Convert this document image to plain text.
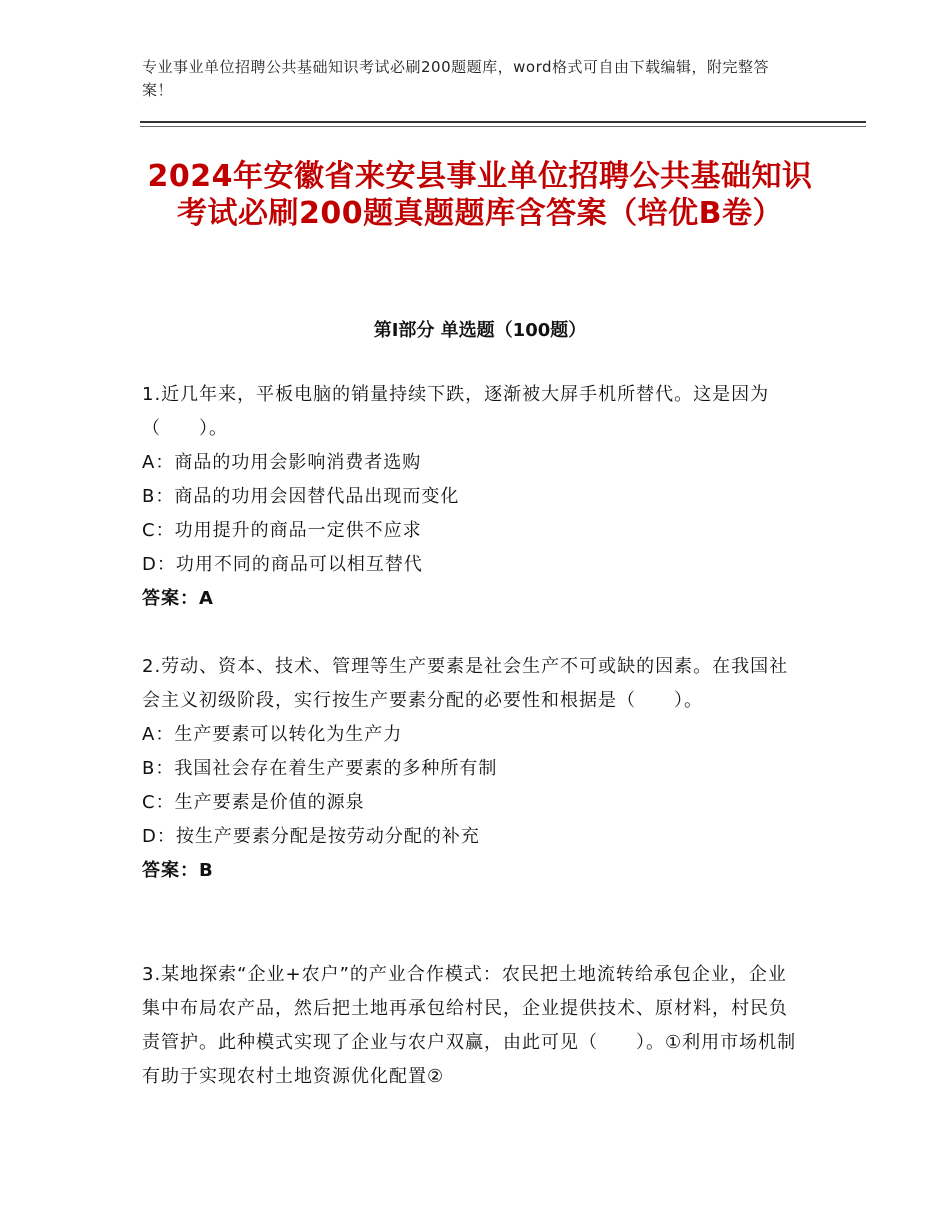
专业事业单位招聘公共基础知识考试必刷200题题库，word格式可自由下载编辑，附完整答案！
2024年安徽省来安县事业单位招聘公共基础知识考试必刷200题真题题库含答案（培优B卷）
第I部分 单选题（100题）
1.近几年来，平板电脑的销量持续下跌，逐渐被大屏手机所替代。这是因为（　　）。
A：商品的功用会影响消费者选购
B：商品的功用会因替代品出现而变化
C：功用提升的商品一定供不应求
D：功用不同的商品可以相互替代
答案：A
2.劳动、资本、技术、管理等生产要素是社会生产不可或缺的因素。在我国社会主义初级阶段，实行按生产要素分配的必要性和根据是（　　）。
A：生产要素可以转化为生产力
B：我国社会存在着生产要素的多种所有制
C：生产要素是价值的源泉
D：按生产要素分配是按劳动分配的补充
答案：B
3.某地探索“企业+农户”的产业合作模式：农民把土地流转给承包企业，企业集中布局农产品，然后把土地再承包给村民，企业提供技术、原材料，村民负责管护。此种模式实现了企业与农户双赢，由此可见（　　）。①利用市场机制有助于实现农村土地资源优化配置②
